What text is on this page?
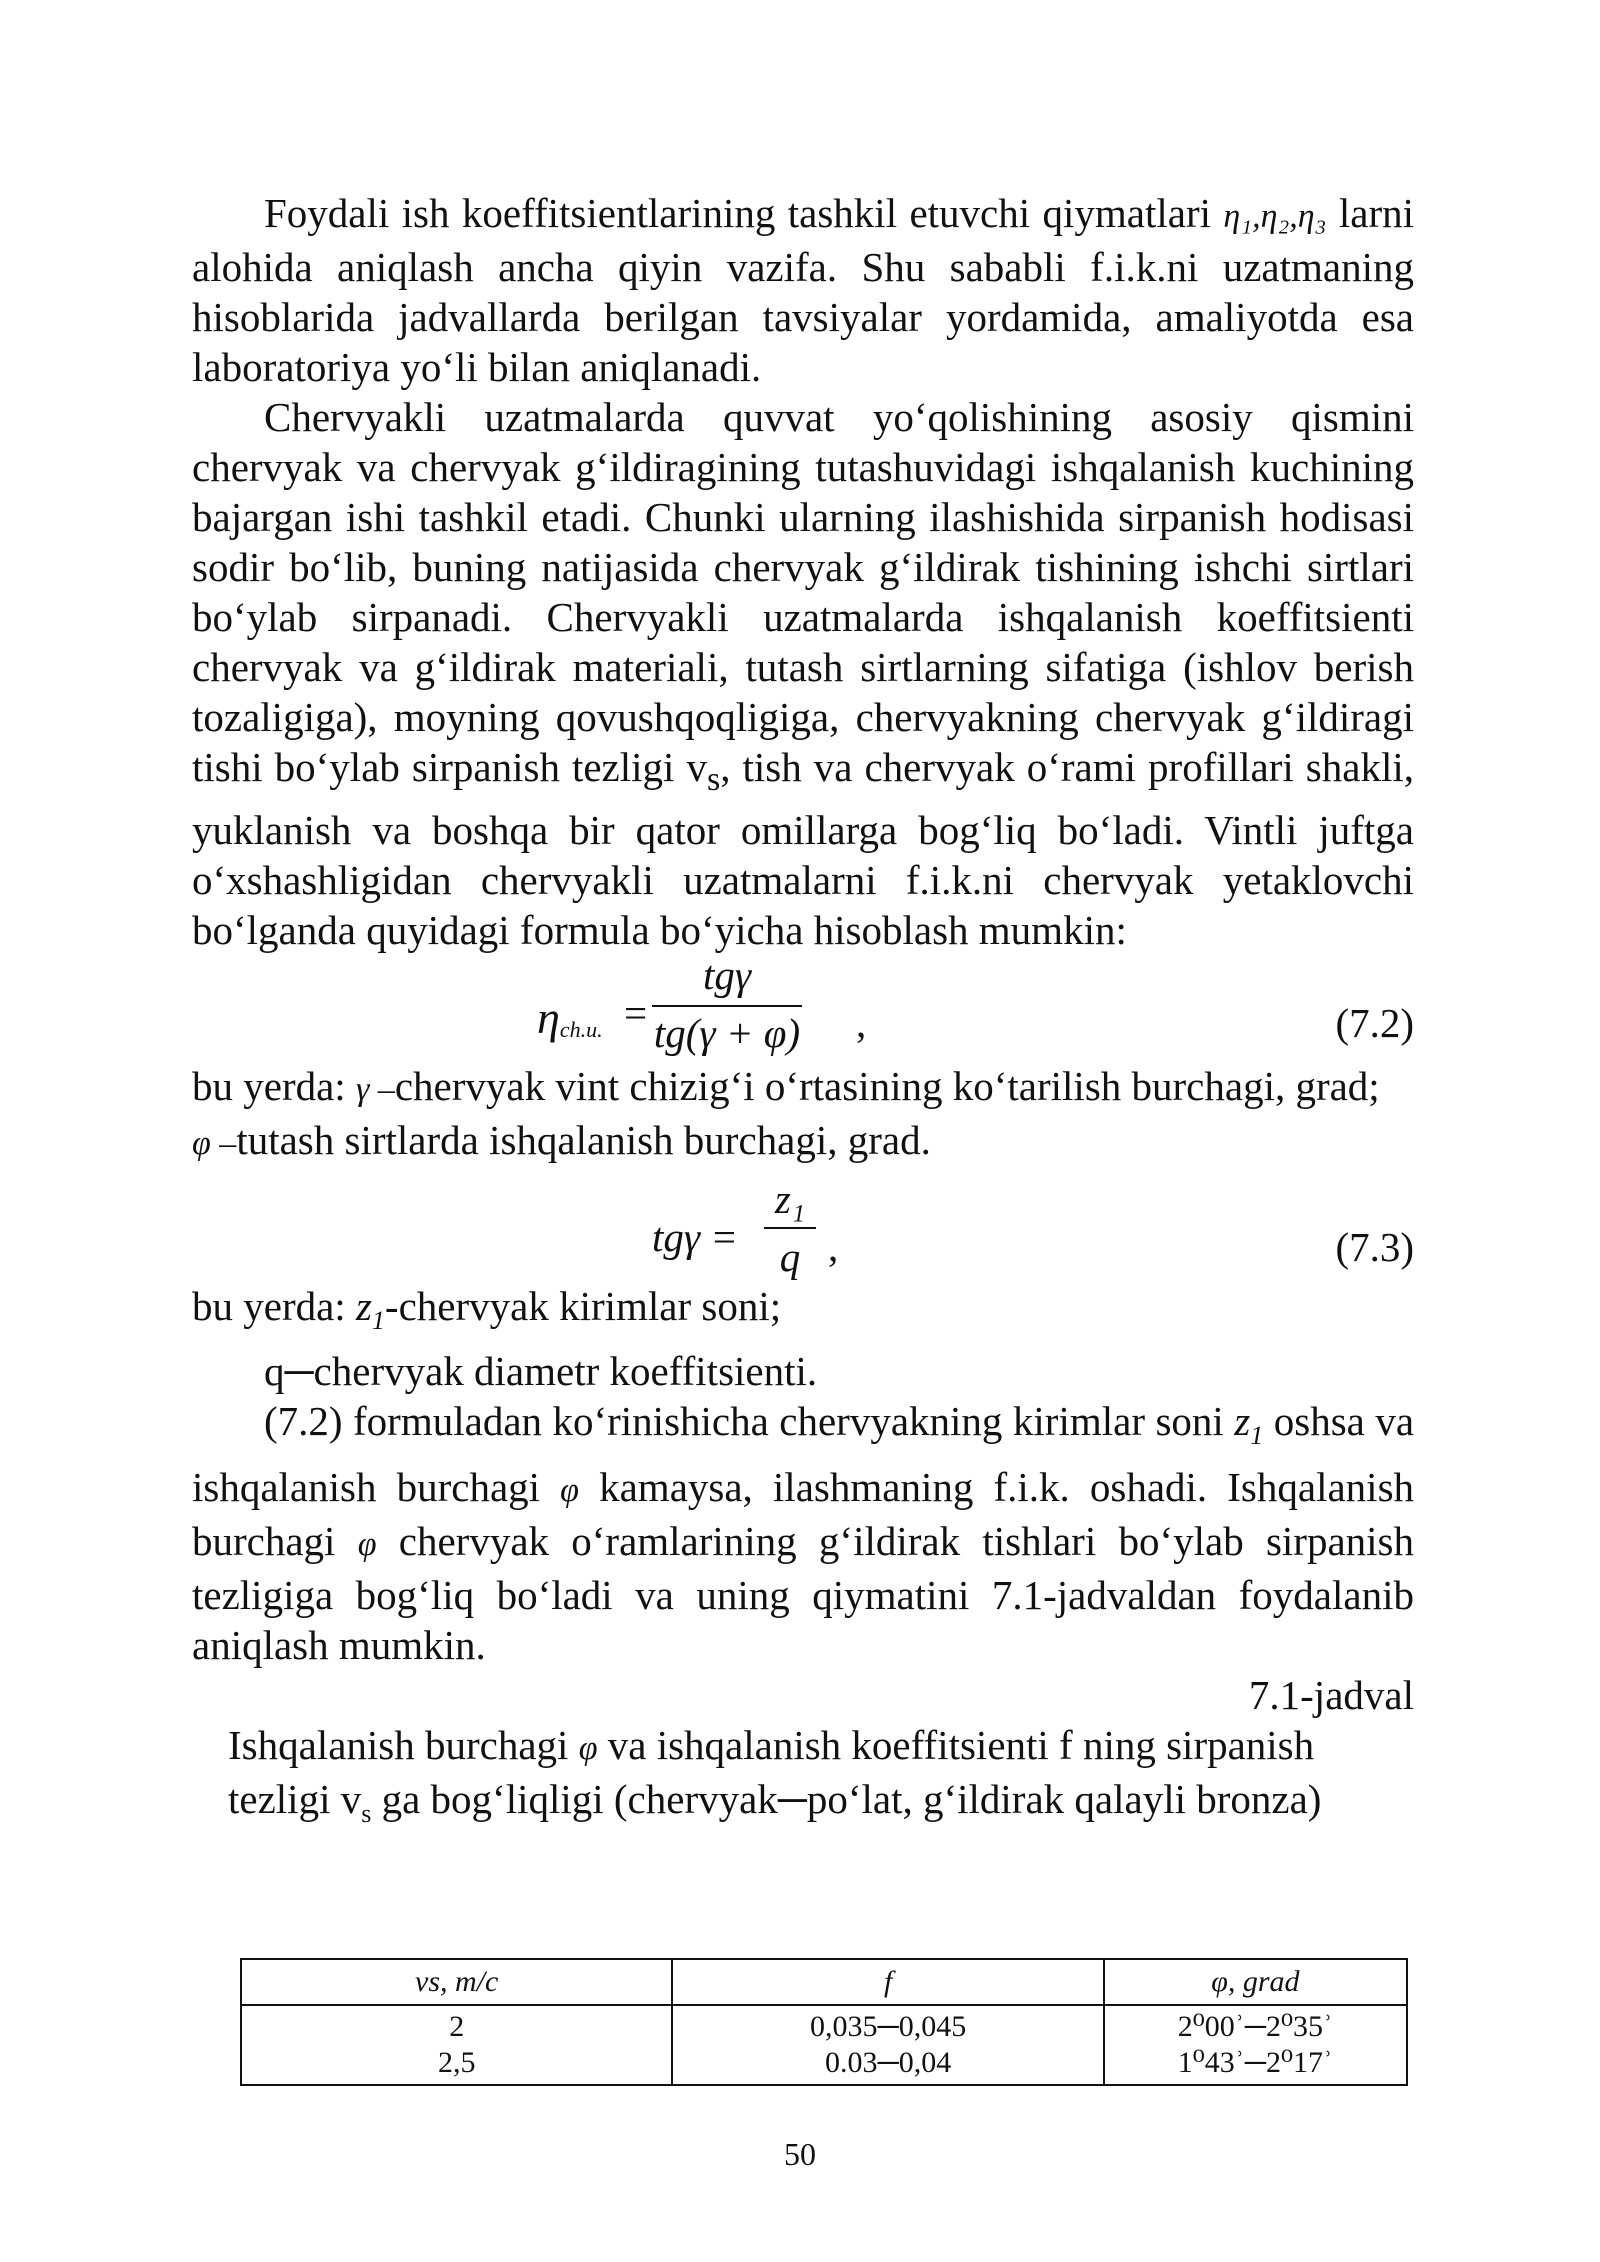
Foydali ish koeffitsientlarining tashkil etuvchi qiymatlari η₁,η₂,η₃ larni alohida aniqlash ancha qiyin vazifa. Shu sababli f.i.k.ni uzatmaning hisoblarida jadvallarda berilgan tavsiyalar yordamida, amaliyotda esa laboratoriya yo‘li bilan aniqlanadi.

Chervyakli uzatmalarda quvvat yo‘qolishining asosiy qismini chervyak va chervyak g‘ildiragining tutashuvidagi ishqalanish kuchining bajargan ishi tashkil etadi. Chunki ularning ilashishida sirpanish hodisasi sodir bo‘lib, buning natijasida chervyak g‘ildirak tishining ishchi sirtlari bo‘ylab sirpanadi. Chervyakli uzatmalarda ishqalanish koeffitsienti chervyak va g‘ildirak materiali, tutash sirtlarning sifatiga (ishlov berish tozaligiga), moyning qovushqoqligiga, chervyakning chervyak g‘ildiragi tishi bo‘ylab sirpanish tezligi $v_s$, tish va chervyak o‘rami profillari shakli, yuklanish va boshqa bir qator omillarga bog‘liq bo‘ladi. Vintli juftga o‘xshashligidan chervyakli uzatmalarni f.i.k.ni chervyak yetaklovchi bo‘lganda quyidagi formula bo‘yicha hisoblash mumkin:

ηch.u. =
tgγ
tg(γ + φ) ,	(7.2)

bu yerda: γ –chervyak vint chizig‘i o‘rtasining ko‘tarilish burchagi, grad;

φ –tutash sirtlarda ishqalanish burchagi, grad.

tgγ =
z₁
q ,	(7.3)

bu yerda: $z_1$-chervyak kirimlar soni;

q─chervyak diametr koeffitsienti.

(7.2) formuladan ko‘rinishicha chervyakning kirimlar soni $z_1$ oshsa va ishqalanish burchagi φ kamaysa, ilashmaning f.i.k. oshadi. Ishqalanish burchagi φ chervyak o‘ramlarining g‘ildirak tishlari bo‘ylab sirpanish tezligiga bog‘liq bo‘ladi va uning qiymatini 7.1-jadvaldan foydalanib aniqlash mumkin.

7.1-jadval

Ishqalanish burchagi φ va ishqalanish koeffitsienti f ning sirpanish

tezligi $v_s$ ga bog‘liqligi (chervyak─po‘lat, g‘ildirak qalayli bronza)

vs, m/c	f	φ, grad
2	0,035─0,045	2⁰00ʾ─2⁰35ʾ
2,5	0.03─0,04	1⁰43ʾ─2⁰17ʾ
50
